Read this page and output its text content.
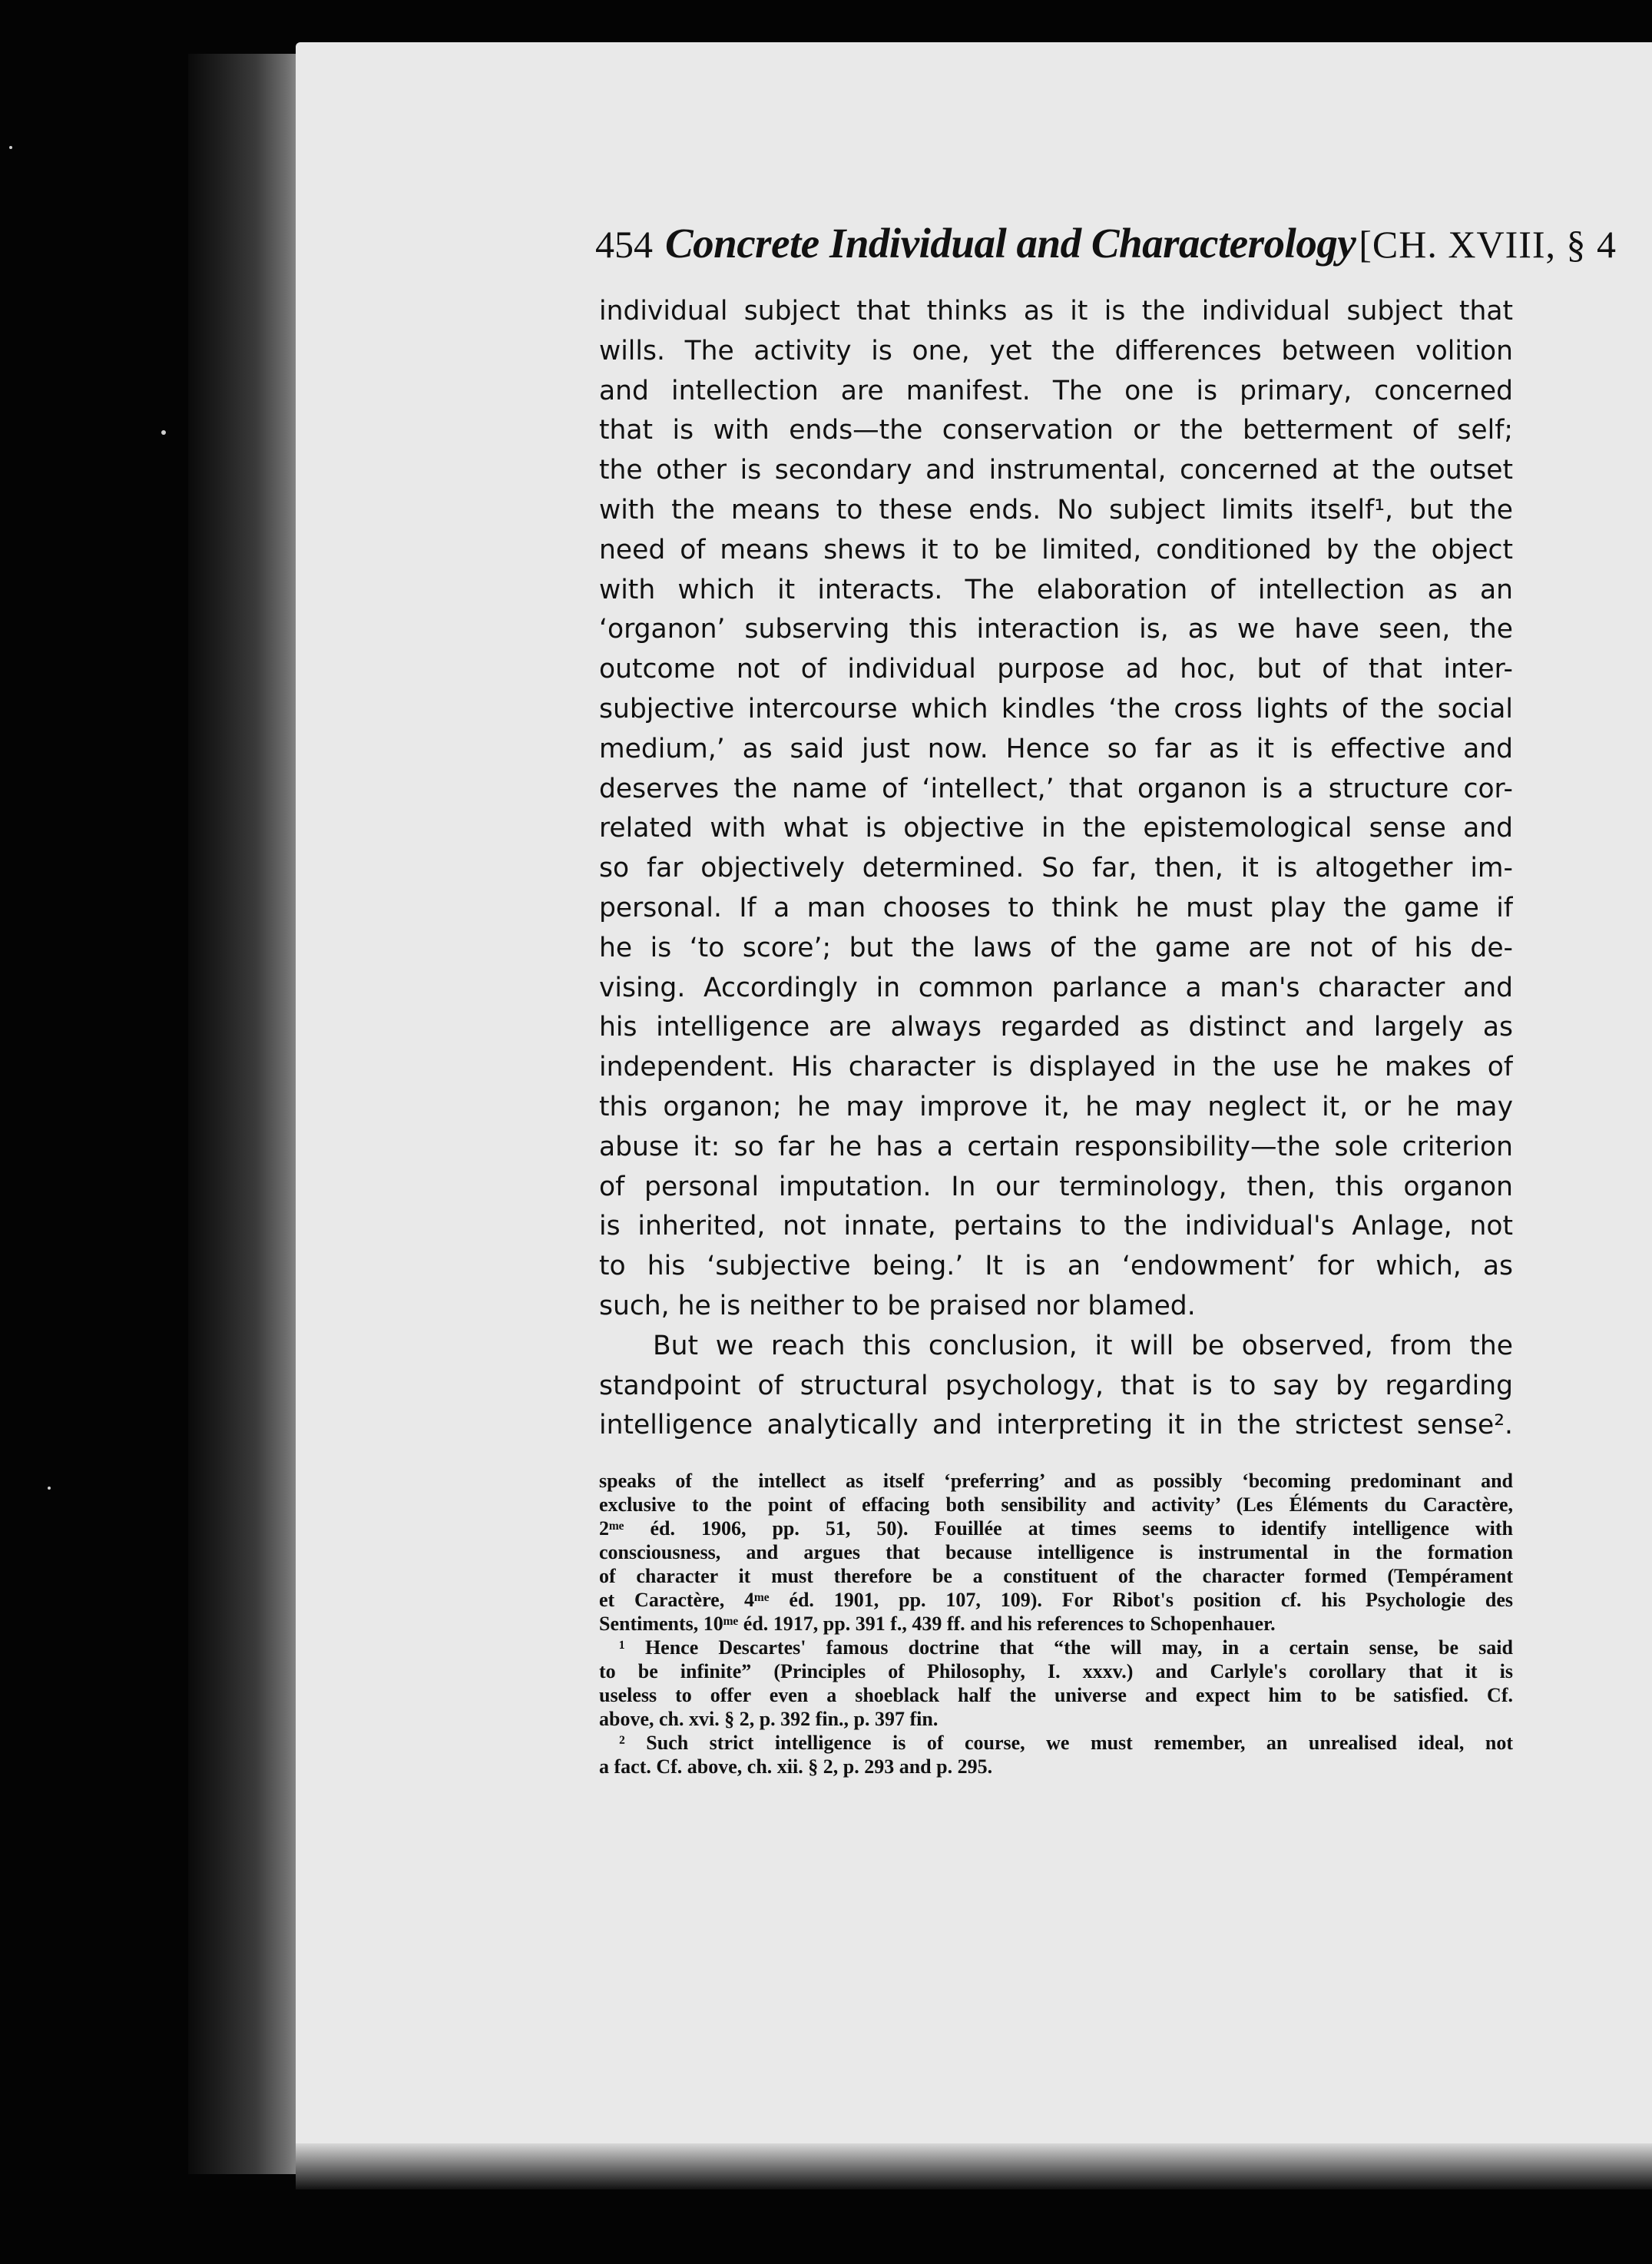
454 Concrete Individual and Characterology [CH. XVIII, § 4
individual subject that thinks as it is the individual subject that
wills. The activity is one, yet the differences between volition
and intellection are manifest. The one is primary, concerned
that is with ends—the conservation or the betterment of self;
the other is secondary and instrumental, concerned at the outset
with the means to these ends. No subject limits itself¹, but the
need of means shews it to be limited, conditioned by the object
with which it interacts. The elaboration of intellection as an
‘organon’ subserving this interaction is, as we have seen, the
outcome not of individual purpose ad hoc, but of that inter-
subjective intercourse which kindles ‘the cross lights of the social
medium,’ as said just now. Hence so far as it is effective and
deserves the name of ‘intellect,’ that organon is a structure cor-
related with what is objective in the epistemological sense and
so far objectively determined. So far, then, it is altogether im-
personal. If a man chooses to think he must play the game if
he is ‘to score’; but the laws of the game are not of his de-
vising. Accordingly in common parlance a man's character and
his intelligence are always regarded as distinct and largely as
independent. His character is displayed in the use he makes of
this organon; he may improve it, he may neglect it, or he may
abuse it: so far he has a certain responsibility—the sole criterion
of personal imputation. In our terminology, then, this organon
is inherited, not innate, pertains to the individual's Anlage, not
to his ‘subjective being.’ It is an ‘endowment’ for which, as
such, he is neither to be praised nor blamed.
But we reach this conclusion, it will be observed, from the
standpoint of structural psychology, that is to say by regarding
intelligence analytically and interpreting it in the strictest sense².
speaks of the intellect as itself ‘preferring’ and as possibly ‘becoming predominant and
exclusive to the point of effacing both sensibility and activity’ (Les Éléments du Caractère,
2ᵐᵉ éd. 1906, pp. 51, 50). Fouillée at times seems to identify intelligence with
consciousness, and argues that because intelligence is instrumental in the formation
of character it must therefore be a constituent of the character formed (Tempérament
et Caractère, 4ᵐᵉ éd. 1901, pp. 107, 109). For Ribot's position cf. his Psychologie des
Sentiments, 10ᵐᵉ éd. 1917, pp. 391 f., 439 ff. and his references to Schopenhauer.
¹ Hence Descartes' famous doctrine that “the will may, in a certain sense, be said
to be infinite” (Principles of Philosophy, I. xxxv.) and Carlyle's corollary that it is
useless to offer even a shoeblack half the universe and expect him to be satisfied. Cf.
above, ch. xvi. § 2, p. 392 fin., p. 397 fin.
² Such strict intelligence is of course, we must remember, an unrealised ideal, not
a fact. Cf. above, ch. xii. § 2, p. 293 and p. 295.
